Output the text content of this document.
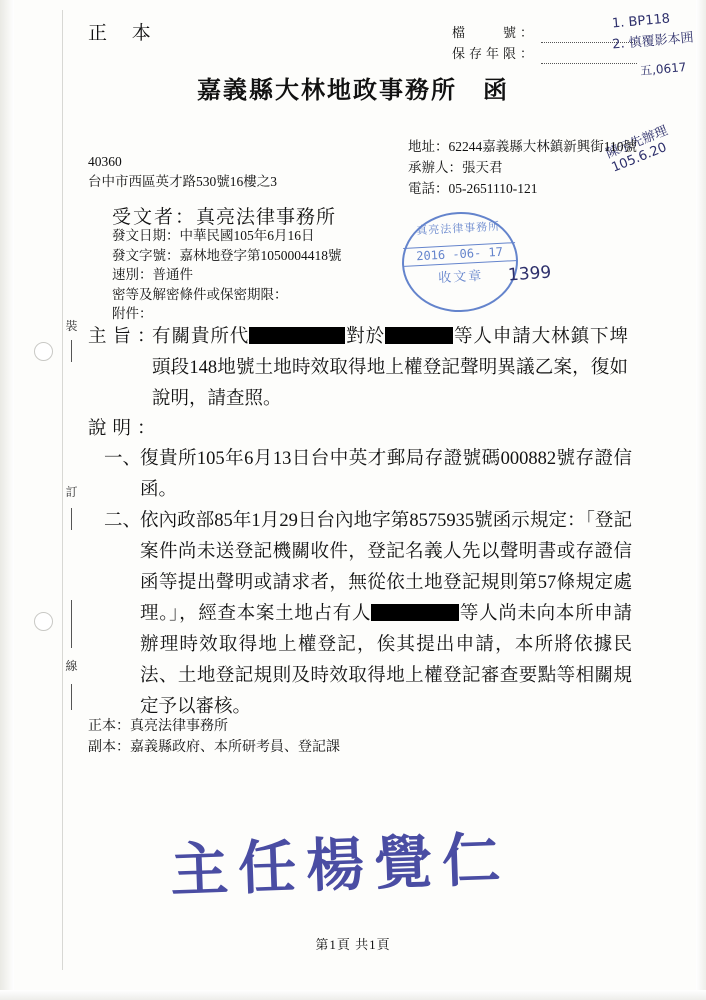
裝
訂
線
正 本	檔　　號：
保存年限：
1. BP118
2. 慎覆影本囲
五,0617
陳示先辦理 105.6.20
嘉義縣大林地政事務所 函
地址：62244嘉義縣大林鎮新興街110號
承辦人：張天君
電話：05-2651110-121
40360
台中市西區英才路530號16樓之3
受文者：真亮法律事務所
發文日期：中華民國105年6月16日
發文字號：嘉林地登字第1050004418號
速別：普通件
密等及解密條件或保密期限：
附件：
真亮法律事務所
2016 -06- 17
收文章	1399
主旨：
有關貴所代	對於	等人申請大林鎮下埤頭段148地號土地時效取得地上權登記聲明異議乙案，復如說明，請查照。
說明：
一、
復貴所105年6月13日台中英才郵局存證號碼000882號存證信函。
二、
依內政部85年1月29日台內地字第8575935號函示規定：「登記案件尚未送登記機關收件，登記名義人先以聲明書或存證信函等提出聲明或請求者，無從依土地登記規則第57條規定處理。」，經查本案土地占有人	等人尚未向本所申請辦理時效取得地上權登記，俟其提出申請，本所將依據民法、土地登記規則及時效取得地上權登記審查要點等相關規定予以審核。
正本：真亮法律事務所
副本：嘉義縣政府、本所研考員、登記課
主任楊覺仁
第1頁 共1頁
